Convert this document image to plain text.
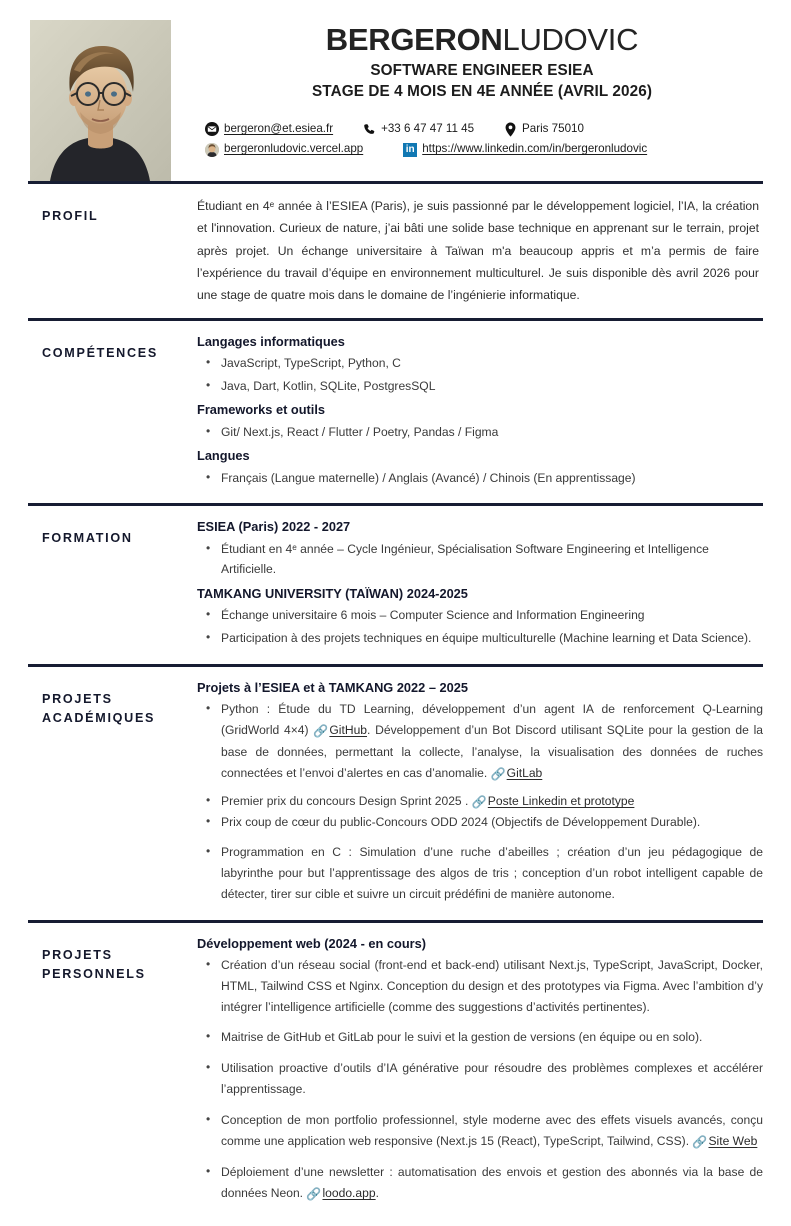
BERGERONLUDOVIC
SOFTWARE ENGINEER ESIEA
STAGE DE 4 MOIS EN 4E ANNÉE (AVRIL 2026)
bergeron@et.esiea.fr	+33 6 47 47 11 45	Paris 75010
bergeronludovic.vercel.app	in https://www.linkedin.com/in/bergeronludovic
PROFIL

Étudiant en 4ᵉ année à l’ESIEA (Paris), je suis passionné par le développement logiciel, l’IA, la création et l'innovation. Curieux de nature, j’ai bâti une solide base technique en apprenant sur le terrain, projet après projet. Un échange universitaire à Taïwan m'a beaucoup appris et m’a permis de faire l’expérience du travail d’équipe en environnement multiculturel. Je suis disponible dès avril 2026 pour une stage de quatre mois dans le domaine de l’ingénierie informatique.

COMPÉTENCES
Langages informatiques
• JavaScript, TypeScript, Python, C
• Java, Dart, Kotlin, SQLite, PostgresSQL
Frameworks et outils
• Git/ Next.js, React / Flutter / Poetry, Pandas / Figma
Langues
• Français (Langue maternelle) / Anglais (Avancé) / Chinois (En apprentissage)
FORMATION
ESIEA (Paris) 2022 - 2027
• Étudiant en 4ᵉ année – Cycle Ingénieur, Spécialisation Software Engineering et Intelligence Artificielle.
TAMKANG UNIVERSITY (TAÏWAN) 2024-2025
• Échange universitaire 6 mois – Computer Science and Information Engineering
• Participation à des projets techniques en équipe multiculturelle (Machine learning et Data Science).
PROJETS
ACADÉMIQUES
Projets à l’ESIEA et à TAMKANG 2022 – 2025
• Python : Étude du TD Learning, développement d’un agent IA de renforcement Q-Learning (GridWorld 4×4) 🔗GitHub. Développement d’un Bot Discord utilisant SQLite pour la gestion de la base de données, permettant la collecte, l’analyse, la visualisation des données de ruches connectées et l’envoi d’alertes en cas d’anomalie. 🔗GitLab
• Premier prix du concours Design Sprint 2025 . 🔗Poste Linkedin et prototype
• Prix coup de cœur du public-Concours ODD 2024 (Objectifs de Développement Durable).
• Programmation en C : Simulation d’une ruche d’abeilles ; création d’un jeu pédagogique de labyrinthe pour but l’apprentissage des algos de tris ; conception d’un robot intelligent capable de détecter, tirer sur cible et suivre un circuit prédéfini de manière autonome.
PROJETS
PERSONNELS
Développement web (2024 - en cours)
• Création d’un réseau social (front-end et back-end) utilisant Next.js, TypeScript, JavaScript, Docker, HTML, Tailwind CSS et Nginx. Conception du design et des prototypes via Figma. Avec l’ambition d’y intégrer l’intelligence artificielle (comme des suggestions d’activités pertinentes).
• Maitrise de GitHub et GitLab pour le suivi et la gestion de versions (en équipe ou en solo).
• Utilisation proactive d’outils d’IA générative pour résoudre des problèmes complexes et accélérer l’apprentissage.
• Conception de mon portfolio professionnel, style moderne avec des effets visuels avancés, conçu comme une application web responsive (Next.js 15 (React), TypeScript, Tailwind, CSS). 🔗Site Web
• Déploiement d’une newsletter : automatisation des envois et gestion des abonnés via la base de données Neon. 🔗loodo.app.
